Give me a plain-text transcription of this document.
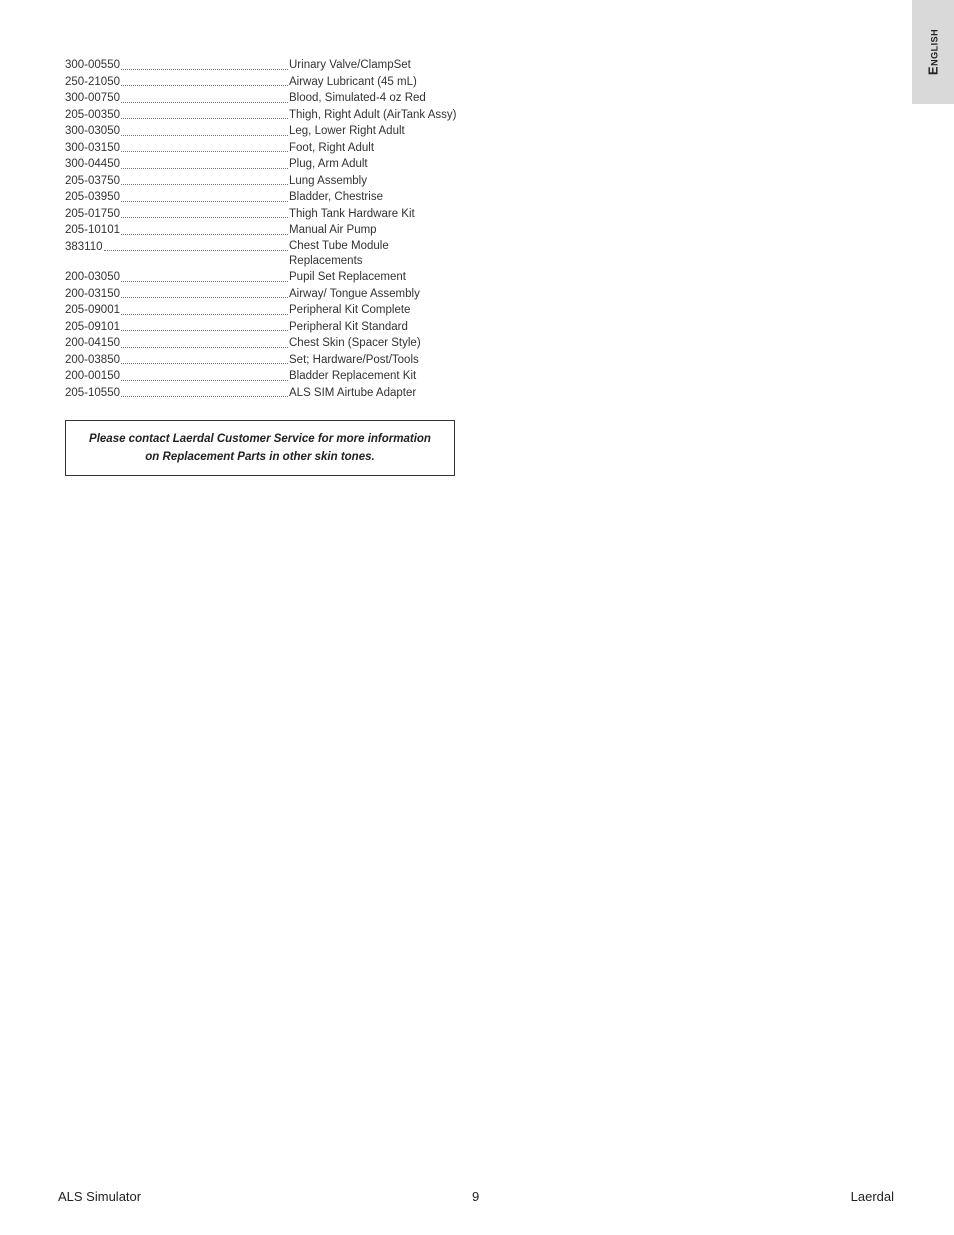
English
300-00550	Urinary Valve/ClampSet
250-21050	Airway Lubricant (45 mL)
300-00750	Blood, Simulated-4 oz Red
205-00350	Thigh, Right Adult (AirTank Assy)
300-03050	Leg, Lower Right Adult
300-03150	Foot, Right Adult
300-04450	Plug, Arm Adult
205-03750	Lung Assembly
205-03950	Bladder, Chestrise
205-01750	Thigh Tank Hardware Kit
205-10101	Manual Air Pump
383110	Chest Tube Module
Replacements
200-03050	Pupil Set Replacement
200-03150	Airway/ Tongue Assembly
205-09001	Peripheral Kit Complete
205-09101	Peripheral Kit Standard
200-04150	Chest Skin (Spacer Style)
200-03850	Set; Hardware/Post/Tools
200-00150	Bladder Replacement Kit
205-10550	ALS SIM Airtube Adapter
Please contact Laerdal Customer Service for more information
on Replacement Parts in other skin tones.
ALS Simulator	9	Laerdal
